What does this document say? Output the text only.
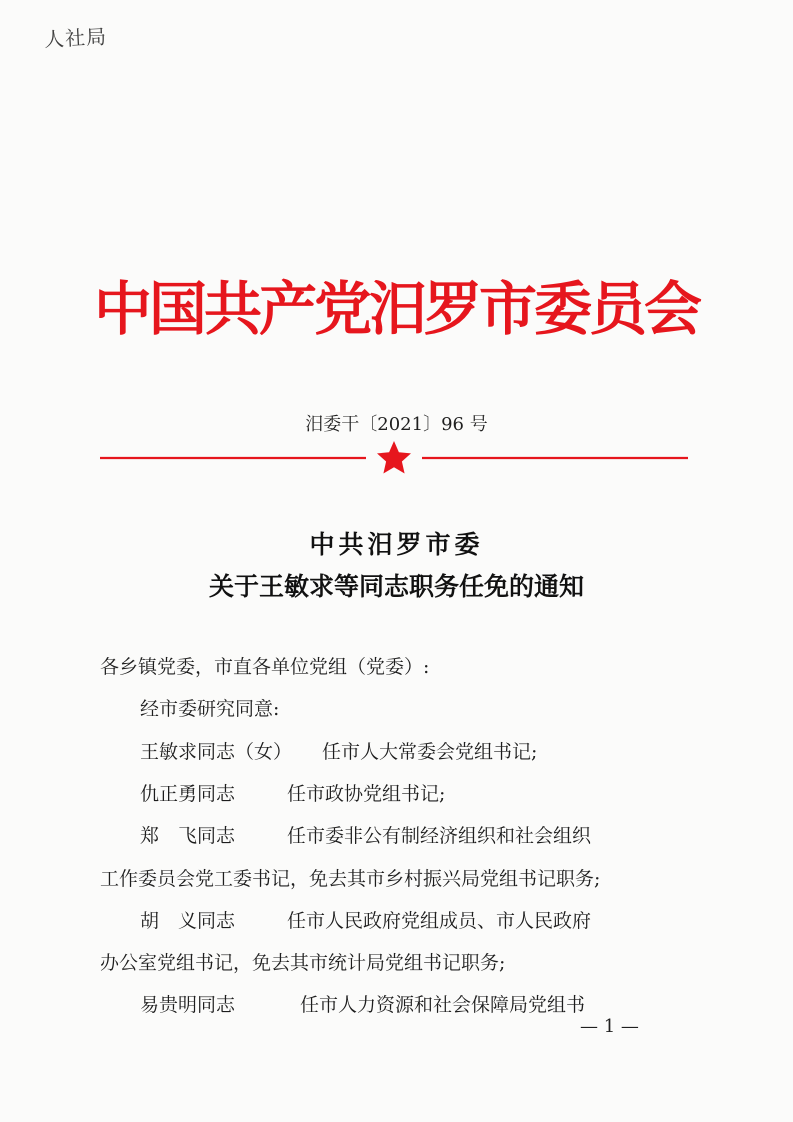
人社局
中国共产党汨罗市委员会
汨委干〔2021〕96 号
中共汨罗市委
关于王敏求等同志职务任免的通知
各乡镇党委，市直各单位党组（党委）:
经市委研究同意:
王敏求同志（女） 任市人大常委会党组书记;
仇正勇同志	任市政协党组书记;
郑　飞同志	任市委非公有制经济组织和社会组织
工作委员会党工委书记，免去其市乡村振兴局党组书记职务;
胡　义同志	任市人民政府党组成员、市人民政府
办公室党组书记，免去其市统计局党组书记职务;
易贵明同志	任市人力资源和社会保障局党组书
— 1 —
